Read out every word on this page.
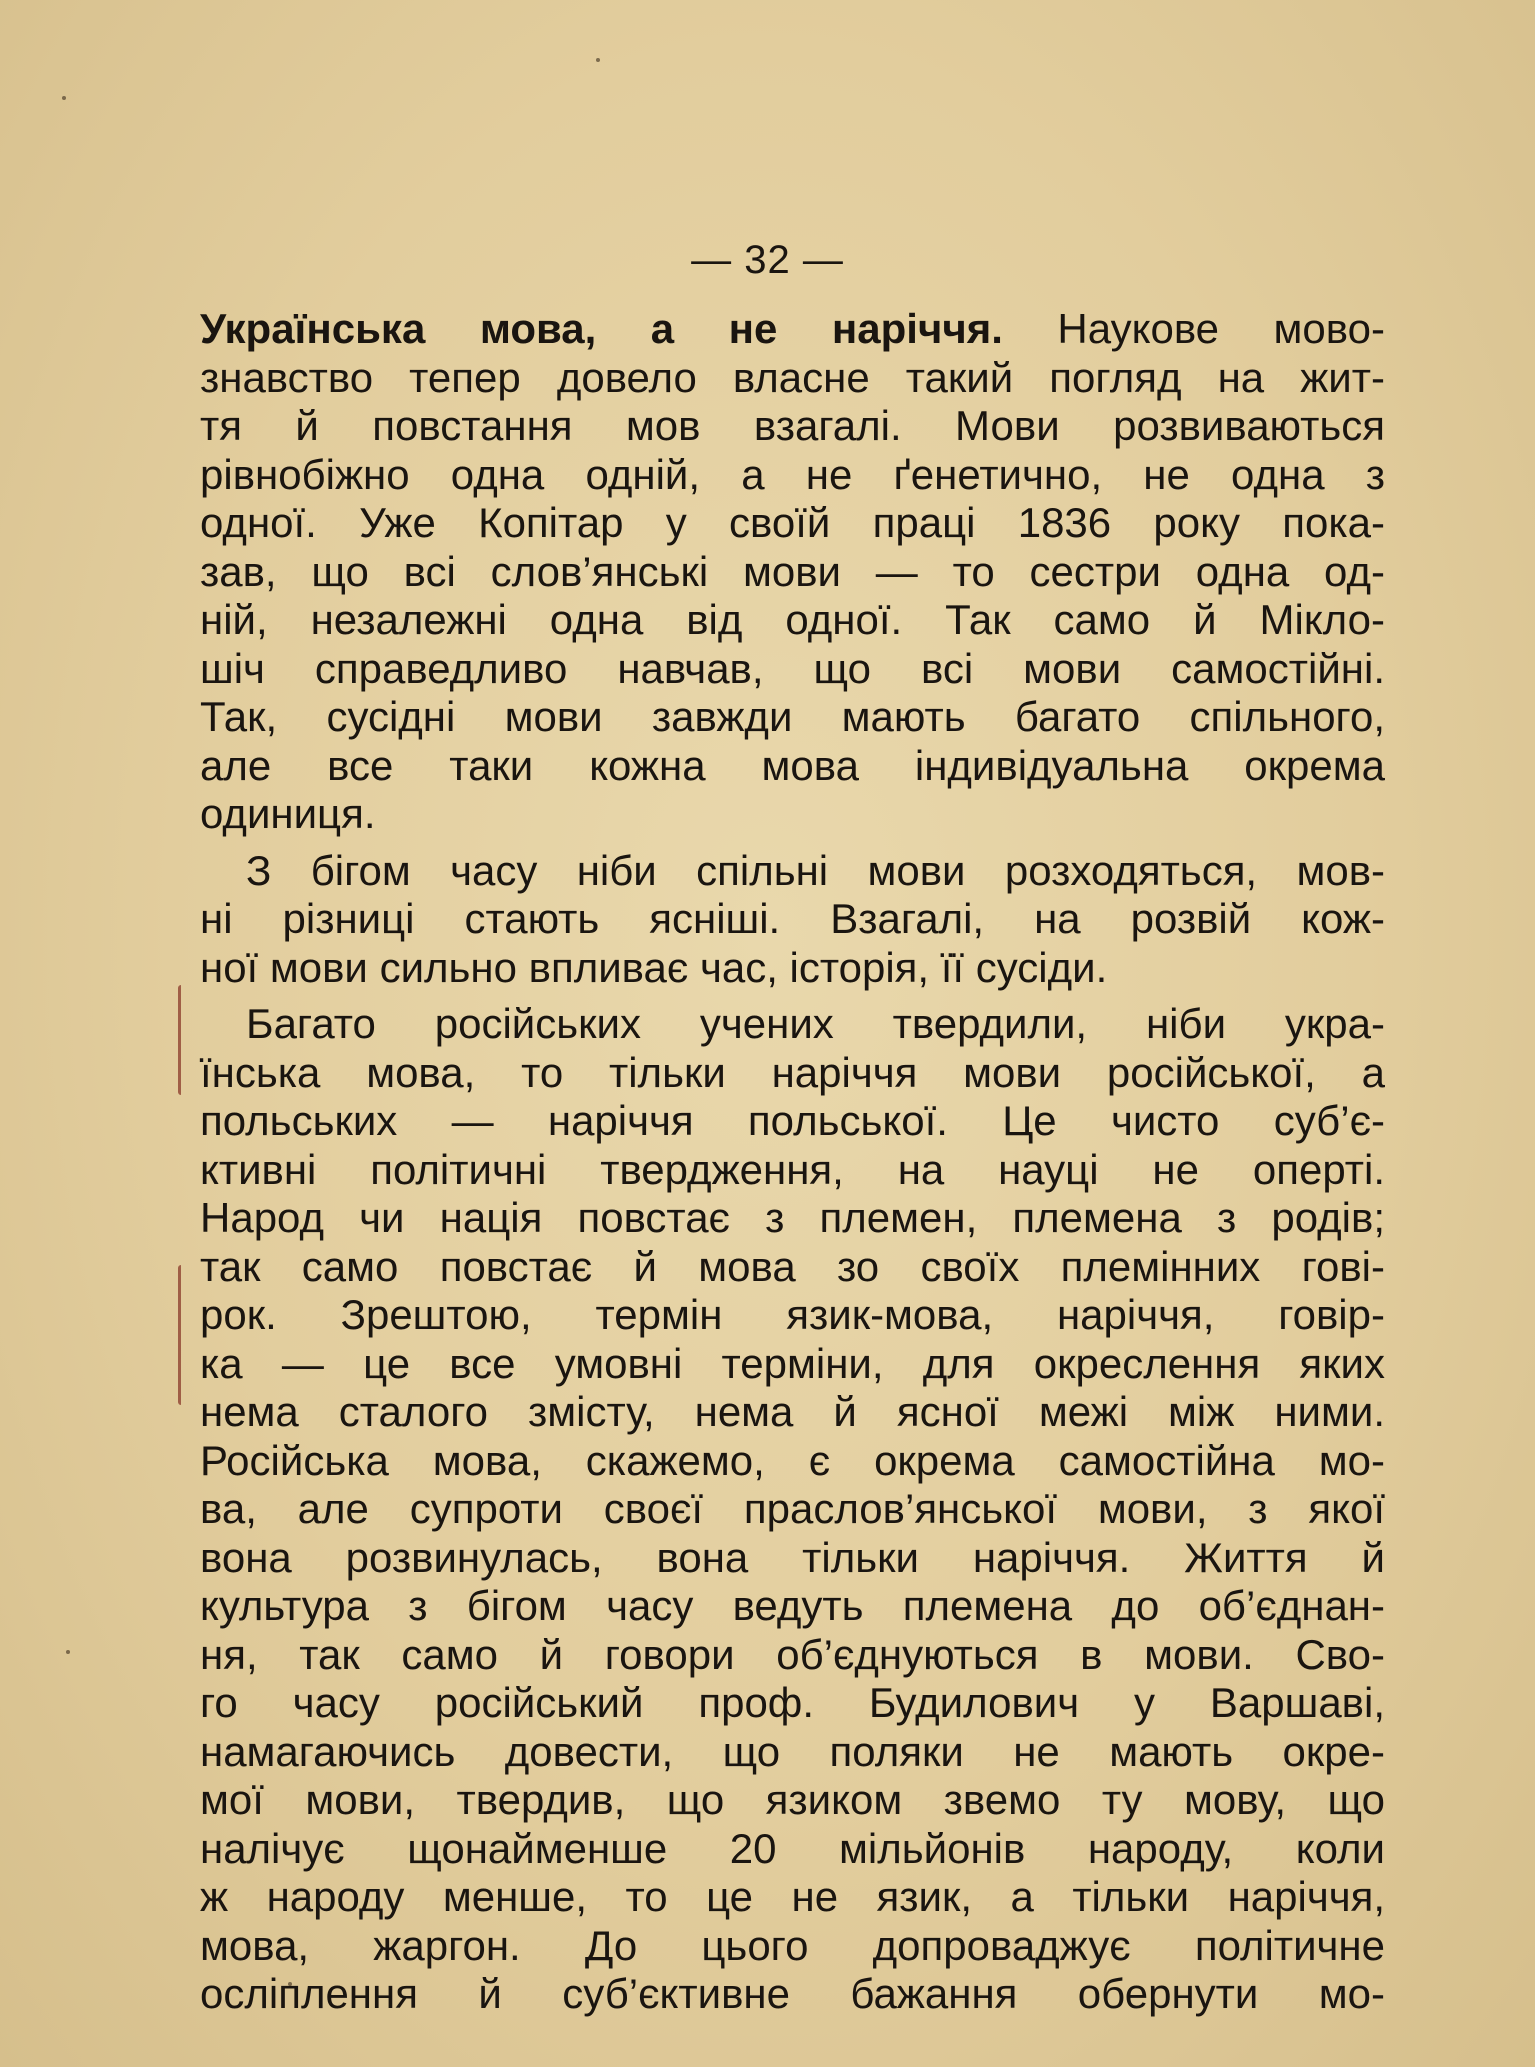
— 32 —
Українська мова, а не наріччя. Наукове мово-
знавство тепер довело власне такий погляд на жит-
тя й повстання мов взагалі. Мови розвиваються
рівнобіжно одна одній, а не ґенетично, не одна з
одної. Уже Копітар у своїй праці 1836 року пока-
зав, що всі слов’янські мови — то сестри одна од-
ній, незалежні одна від одної. Так само й Мікло-
шіч справедливо навчав, що всі мови самостійні.
Так, сусідні мови завжди мають багато спільного,
але все таки кожна мова індивідуальна окрема
одиниця.
З бігом часу ніби спільні мови розходяться, мов-
ні різниці стають ясніші. Взагалі, на розвій кож-
ної мови сильно впливає час, історія, її сусіди.
Багато російських учених твердили, ніби укра-
їнська мова, то тільки наріччя мови російської, а
польських — наріччя польської. Це чисто суб’є-
ктивні політичні твердження, на науці не оперті.
Народ чи нація повстає з племен, племена з родів;
так само повстає й мова зо своїх племінних гові-
рок. Зрештою, термін язик-мова, наріччя, говір-
ка — це все умовні терміни, для окреслення яких
нема сталого змісту, нема й ясної межі між ними.
Російська мова, скажемо, є окрема самостійна мо-
ва, але супроти своєї праслов’янської мови, з якої
вона розвинулась, вона тільки наріччя. Життя й
культура з бігом часу ведуть племена до об’єднан-
ня, так само й говори об’єднуються в мови. Сво-
го часу російський проф. Будилович у Варшаві,
намагаючись довести, що поляки не мають окре-
мої мови, твердив, що язиком звемо ту мову, що
налічує щонайменше 20 мільйонів народу, коли
ж народу менше, то це не язик, а тільки наріччя,
мова, жаргон. До цього допроваджує політичне
осліплення й суб’єктивне бажання обернути мо-
